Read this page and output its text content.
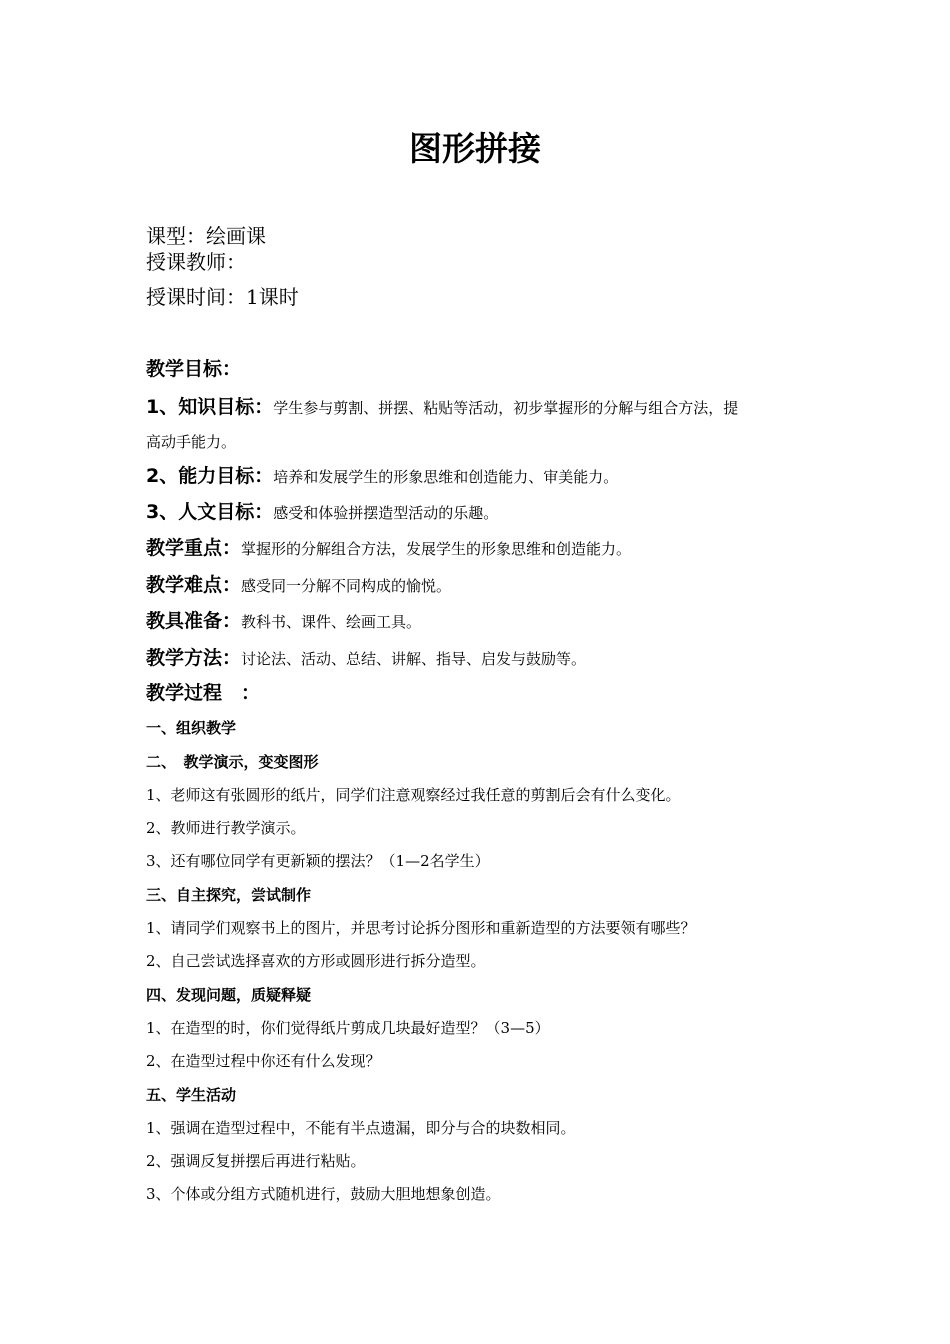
图形拼接
课型：绘画课
授课教师：
授课时间：1课时
教学目标：
1、知识目标：学生参与剪割、拼摆、粘贴等活动，初步掌握形的分解与组合方法，提
高动手能力。
2、能力目标：培养和发展学生的形象思维和创造能力、审美能力。
3、人文目标：感受和体验拼摆造型活动的乐趣。
教学重点：掌握形的分解组合方法，发展学生的形象思维和创造能力。
教学难点：感受同一分解不同构成的愉悦。
教具准备：教科书、课件、绘画工具。
教学方法：讨论法、活动、总结、讲解、指导、启发与鼓励等。
教学过程　：
一、组织教学
二、　教学演示，变变图形
1、老师这有张圆形的纸片，同学们注意观察经过我任意的剪割后会有什么变化。
2、教师进行教学演示。
3、还有哪位同学有更新颖的摆法？（1—2名学生）
三、自主探究，尝试制作
1、请同学们观察书上的图片，并思考讨论拆分图形和重新造型的方法要领有哪些？
2、自己尝试选择喜欢的方形或圆形进行拆分造型。
四、发现问题，质疑释疑
1、在造型的时，你们觉得纸片剪成几块最好造型？（3—5）
2、在造型过程中你还有什么发现？
五、学生活动
1、强调在造型过程中，不能有半点遗漏，即分与合的块数相同。
2、强调反复拼摆后再进行粘贴。
3、个体或分组方式随机进行，鼓励大胆地想象创造。
